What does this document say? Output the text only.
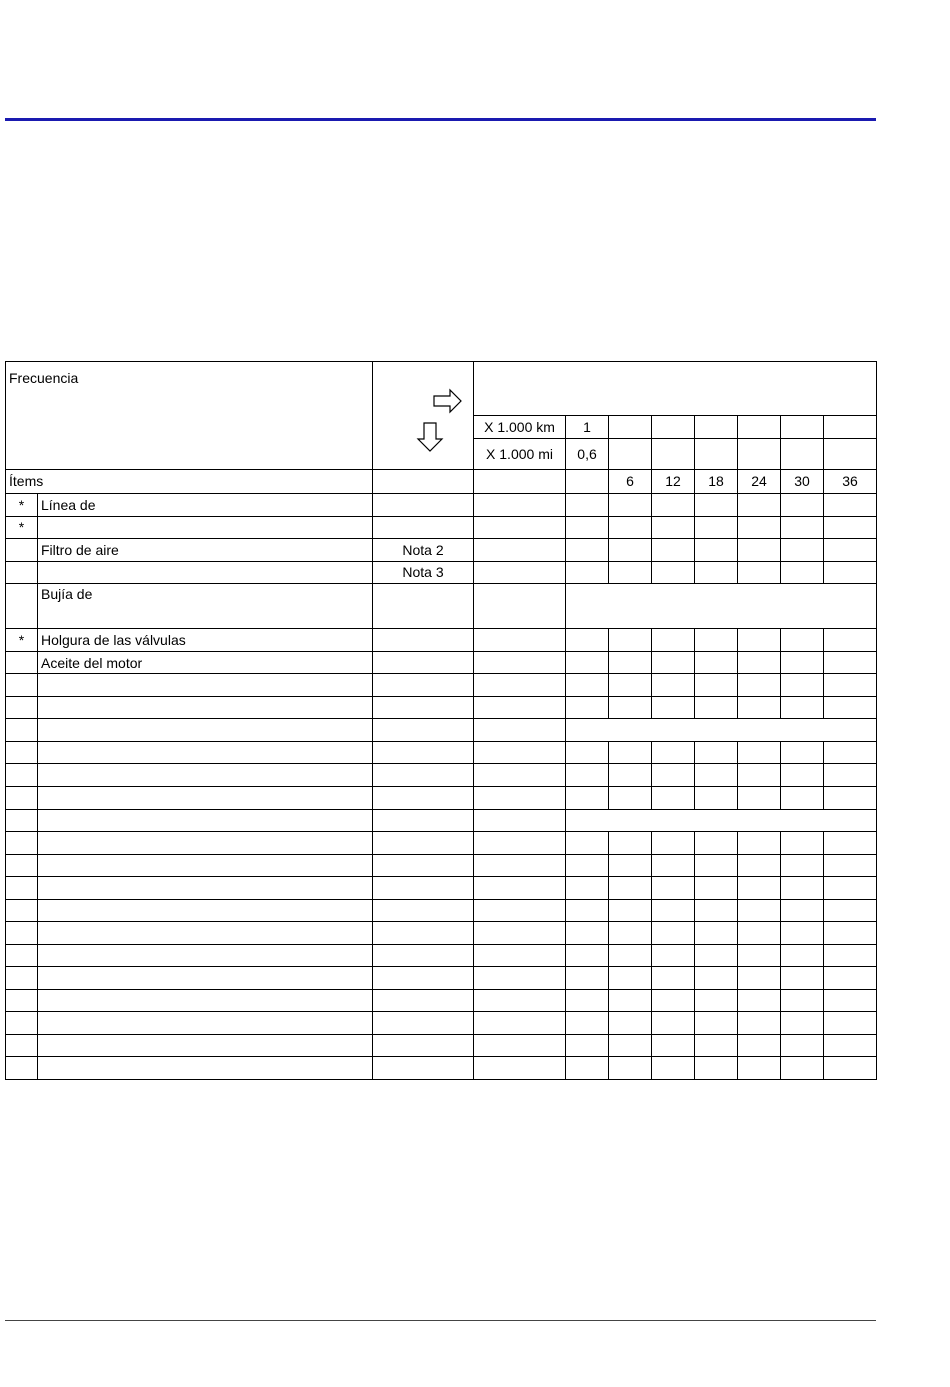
Frecuencia	

			X 1.000 km	1						
			X 1.000 mi	0,6						
Ítems					6	12	18	24	30	36
*	Línea de									
*										
	Filtro de aire	Nota 2								
		Nota 3								
	Bujía de									
*	Holgura de las válvulas									
	Aceite del motor									
